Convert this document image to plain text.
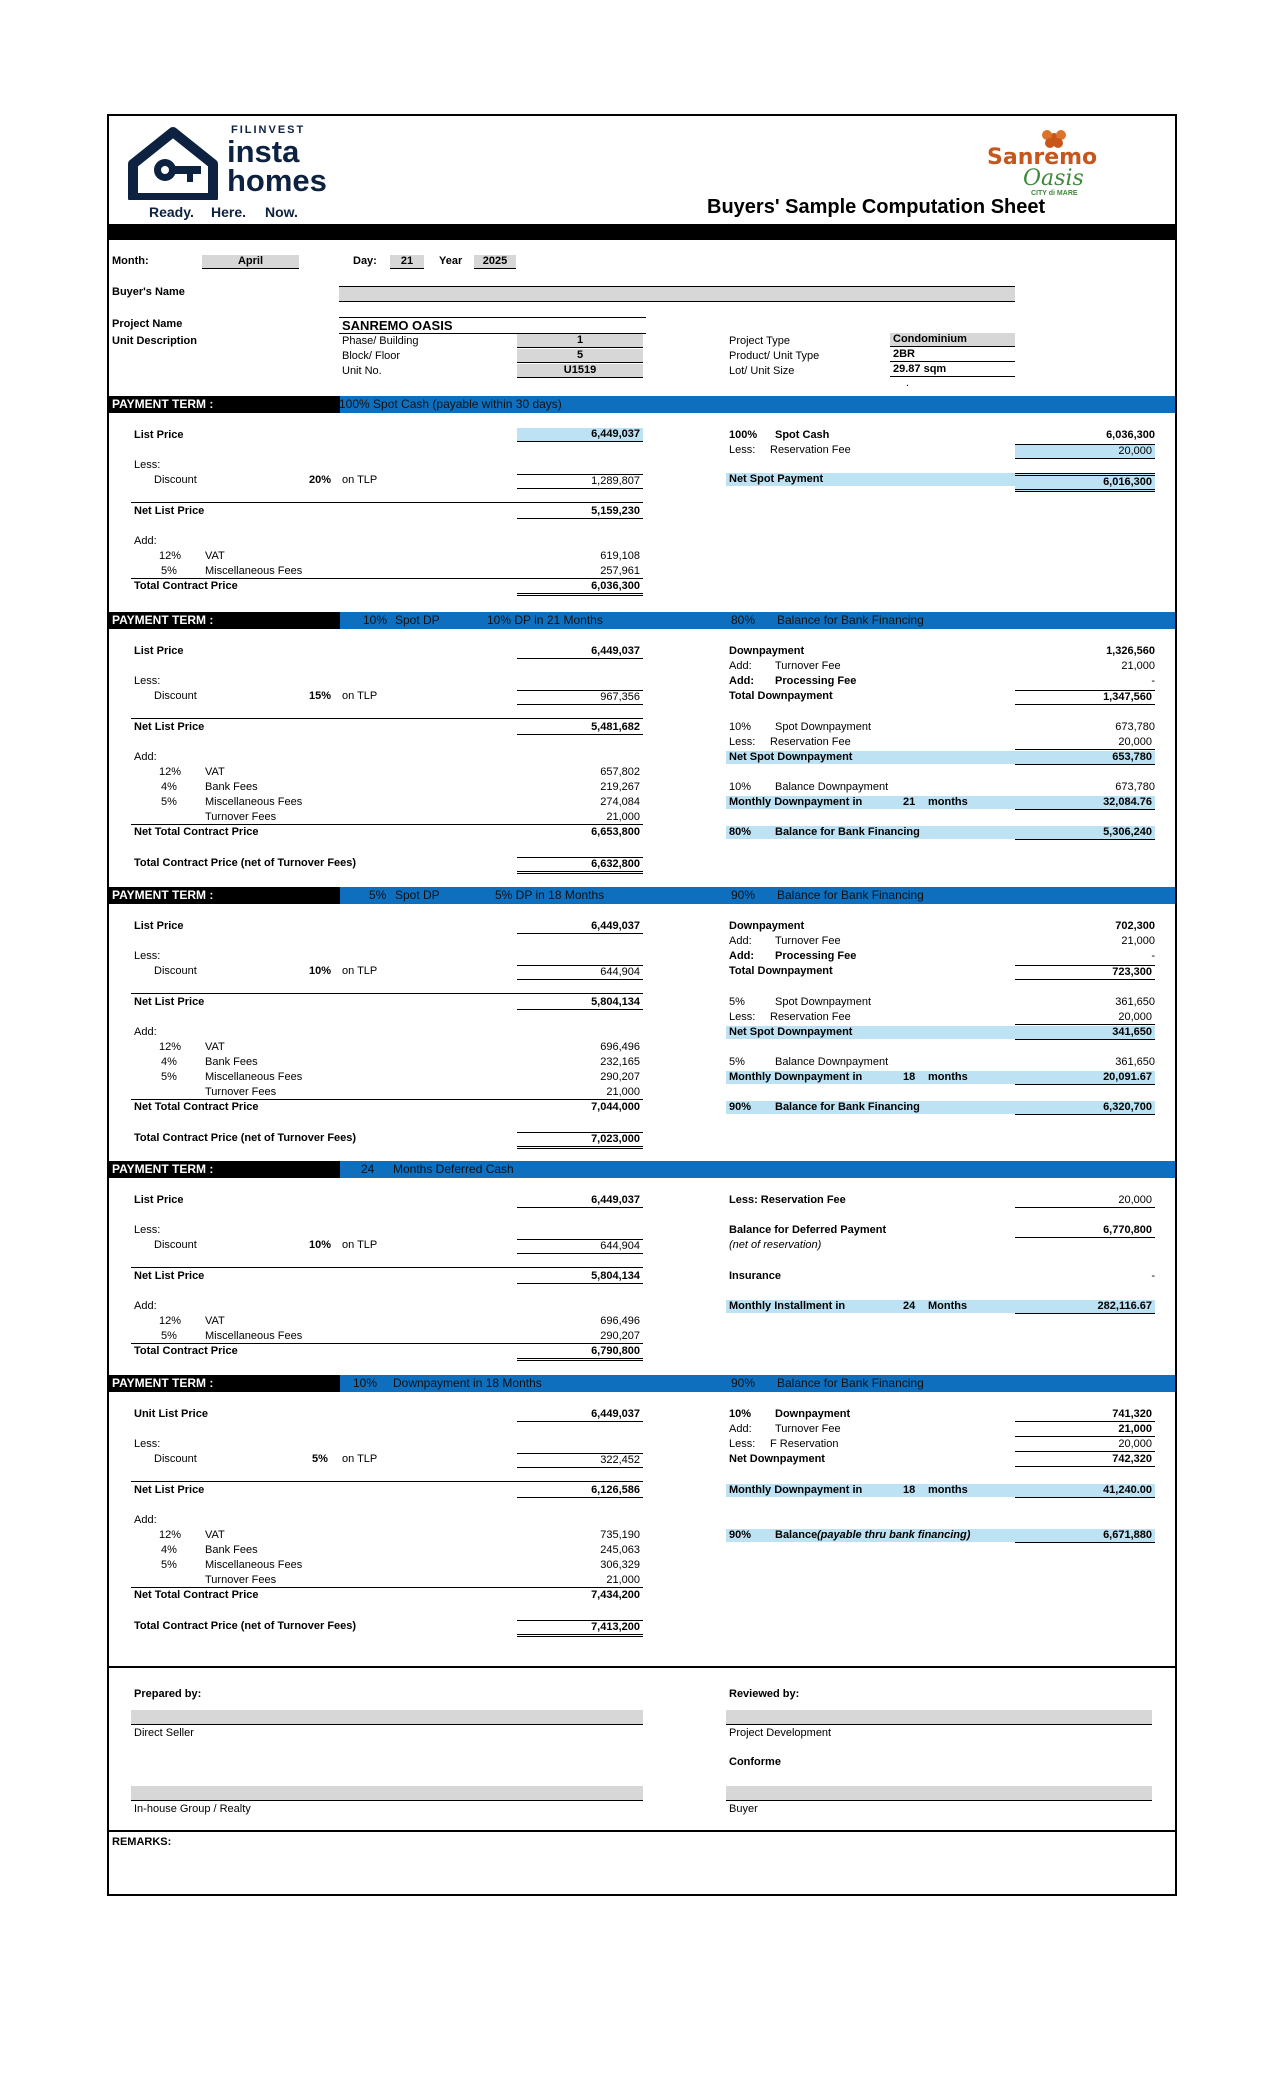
FILINVEST
insta
homes
Ready. Here. Now.
Sanremo
Oasis
CITY di MARE
Buyers' Sample Computation Sheet
Month:	April	Day:	21	Year	2025
Buyer's Name
Project Name	SANREMO OASIS
Unit Description	Phase/ Building	1
Block/ Floor	5
Unit No.	U1519
Project Type	Condominium
Product/ Unit Type	2BR
Lot/ Unit Size	29.87 sqm
.
PAYMENT TERM :	100% Spot Cash (payable within 30 days)
List Price	6,449,037
Less:
Discount	20% on TLP	1,289,807
Net List Price	5,159,230
Add:
12% VAT	619,108
5%	Miscellaneous Fees	257,961
Total Contract Price	6,036,300
100% Spot Cash	6,036,300
Less: Reservation Fee	20,000
Net Spot Payment	6,016,300
PAYMENT TERM :	10% Spot DP	10% DP in 21 Months	80% Balance for Bank Financing
List Price	6,449,037
Less:
Discount	15% on TLP	967,356
Net List Price	5,481,682
Add:
12% VAT	657,802
4%	Bank Fees	219,267
5%	Miscellaneous Fees	274,084
Turnover Fees	21,000
Net Total Contract Price	6,653,800
Total Contract Price (net of Turnover Fees)	6,632,800
Downpayment	1,326,560
Add: Turnover Fee	21,000
Add: Processing Fee	-
Total Downpayment	1,347,560
10% Spot Downpayment	673,780
Less: Reservation Fee	20,000
Net Spot Downpayment	653,780
10% Balance Downpayment	673,780
Monthly Downpayment in	21 months	32,084.76
80%	Balance for Bank Financing	5,306,240
PAYMENT TERM :	5% Spot DP	5% DP in 18 Months	90% Balance for Bank Financing
List Price	6,449,037
Less:
Discount	10% on TLP	644,904
Net List Price	5,804,134
Add:
12% VAT	696,496
4%	Bank Fees	232,165
5%	Miscellaneous Fees	290,207
Turnover Fees	21,000
Net Total Contract Price	7,044,000
Total Contract Price (net of Turnover Fees)	7,023,000
Downpayment	702,300
Add: Turnover Fee	21,000
Add: Processing Fee	-
Total Downpayment	723,300
5%	Spot Downpayment	361,650
Less: Reservation Fee	20,000
Net Spot Downpayment	341,650
5%	Balance Downpayment	361,650
Monthly Downpayment in	18 months	20,091.67
90%	Balance for Bank Financing	6,320,700
PAYMENT TERM :	24 Months Deferred Cash
List Price	6,449,037
Less:
Discount	10% on TLP	644,904
Net List Price	5,804,134
Add:
12% VAT	696,496
5%	Miscellaneous Fees	290,207
Total Contract Price	6,790,800
Less: Reservation Fee	20,000
Balance for Deferred Payment	6,770,800
(net of reservation)
Insurance	-
Monthly Installment in	24 Months	282,116.67
PAYMENT TERM :	10% Downpayment in 18 Months	90% Balance for Bank Financing
Unit List Price	6,449,037
Less:
Discount	5% on TLP	322,452
Net List Price	6,126,586
Add:
12% VAT	735,190
4%	Bank Fees	245,063
5%	Miscellaneous Fees	306,329
Turnover Fees	21,000
Net Total Contract Price	7,434,200
Total Contract Price (net of Turnover Fees)	7,413,200
10% Downpayment	741,320
Add: Turnover Fee	21,000
Less: F Reservation	20,000
Net Downpayment	742,320
Monthly Downpayment in	18 months	41,240.00
90%	Balance (payable thru bank financing)	6,671,880
Prepared by:	Reviewed by:
Direct Seller	Project Development
Conforme
In-house Group / Realty	Buyer
REMARKS:
